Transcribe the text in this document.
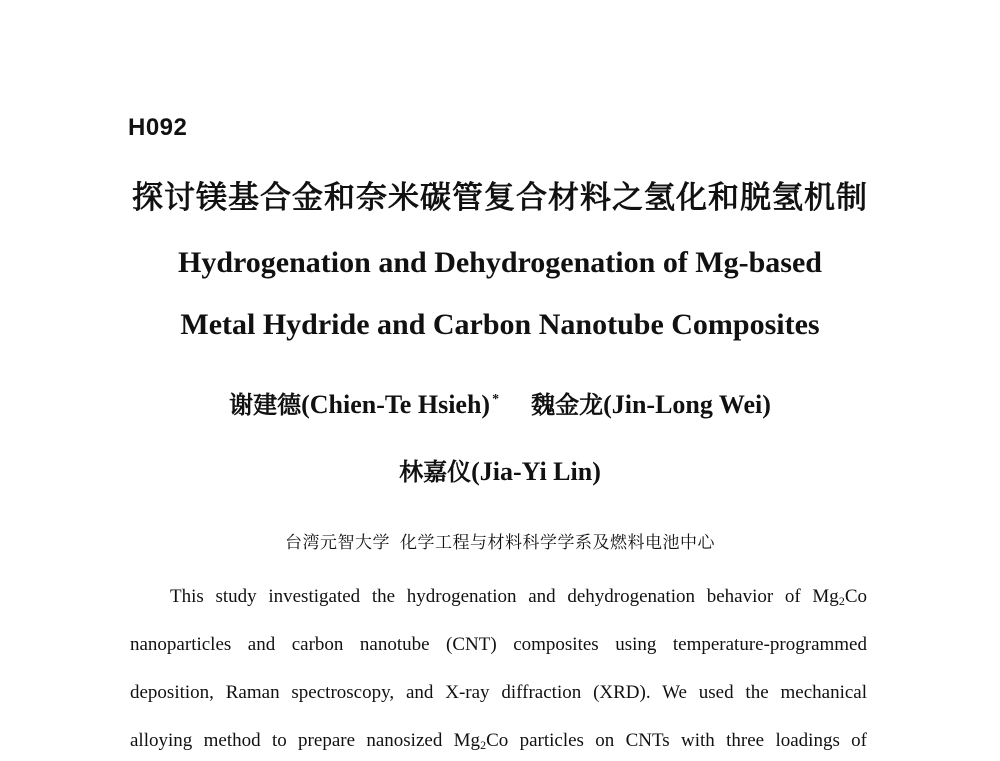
H092
探讨镁基合金和奈米碳管复合材料之氢化和脱氢机制
Hydrogenation and Dehydrogenation of Mg-based
Metal Hydride and Carbon Nanotube Composites
谢建德(Chien-Te Hsieh) * 魏金龙(Jin-Long Wei)
林嘉仪(Jia-Yi Lin)
台湾元智大学 化学工程与材料科学学系及燃料电池中心
This study investigated the hydrogenation and dehydrogenation behavior of $Mg_2Co$
nanoparticles and carbon nanotube (CNT) composites using temperature-programmed
deposition, Raman spectroscopy, and X-ray diffraction (XRD). We used the mechanical
alloying method to prepare nanosized $Mg_2Co$ particles on CNTs with three loadings of
